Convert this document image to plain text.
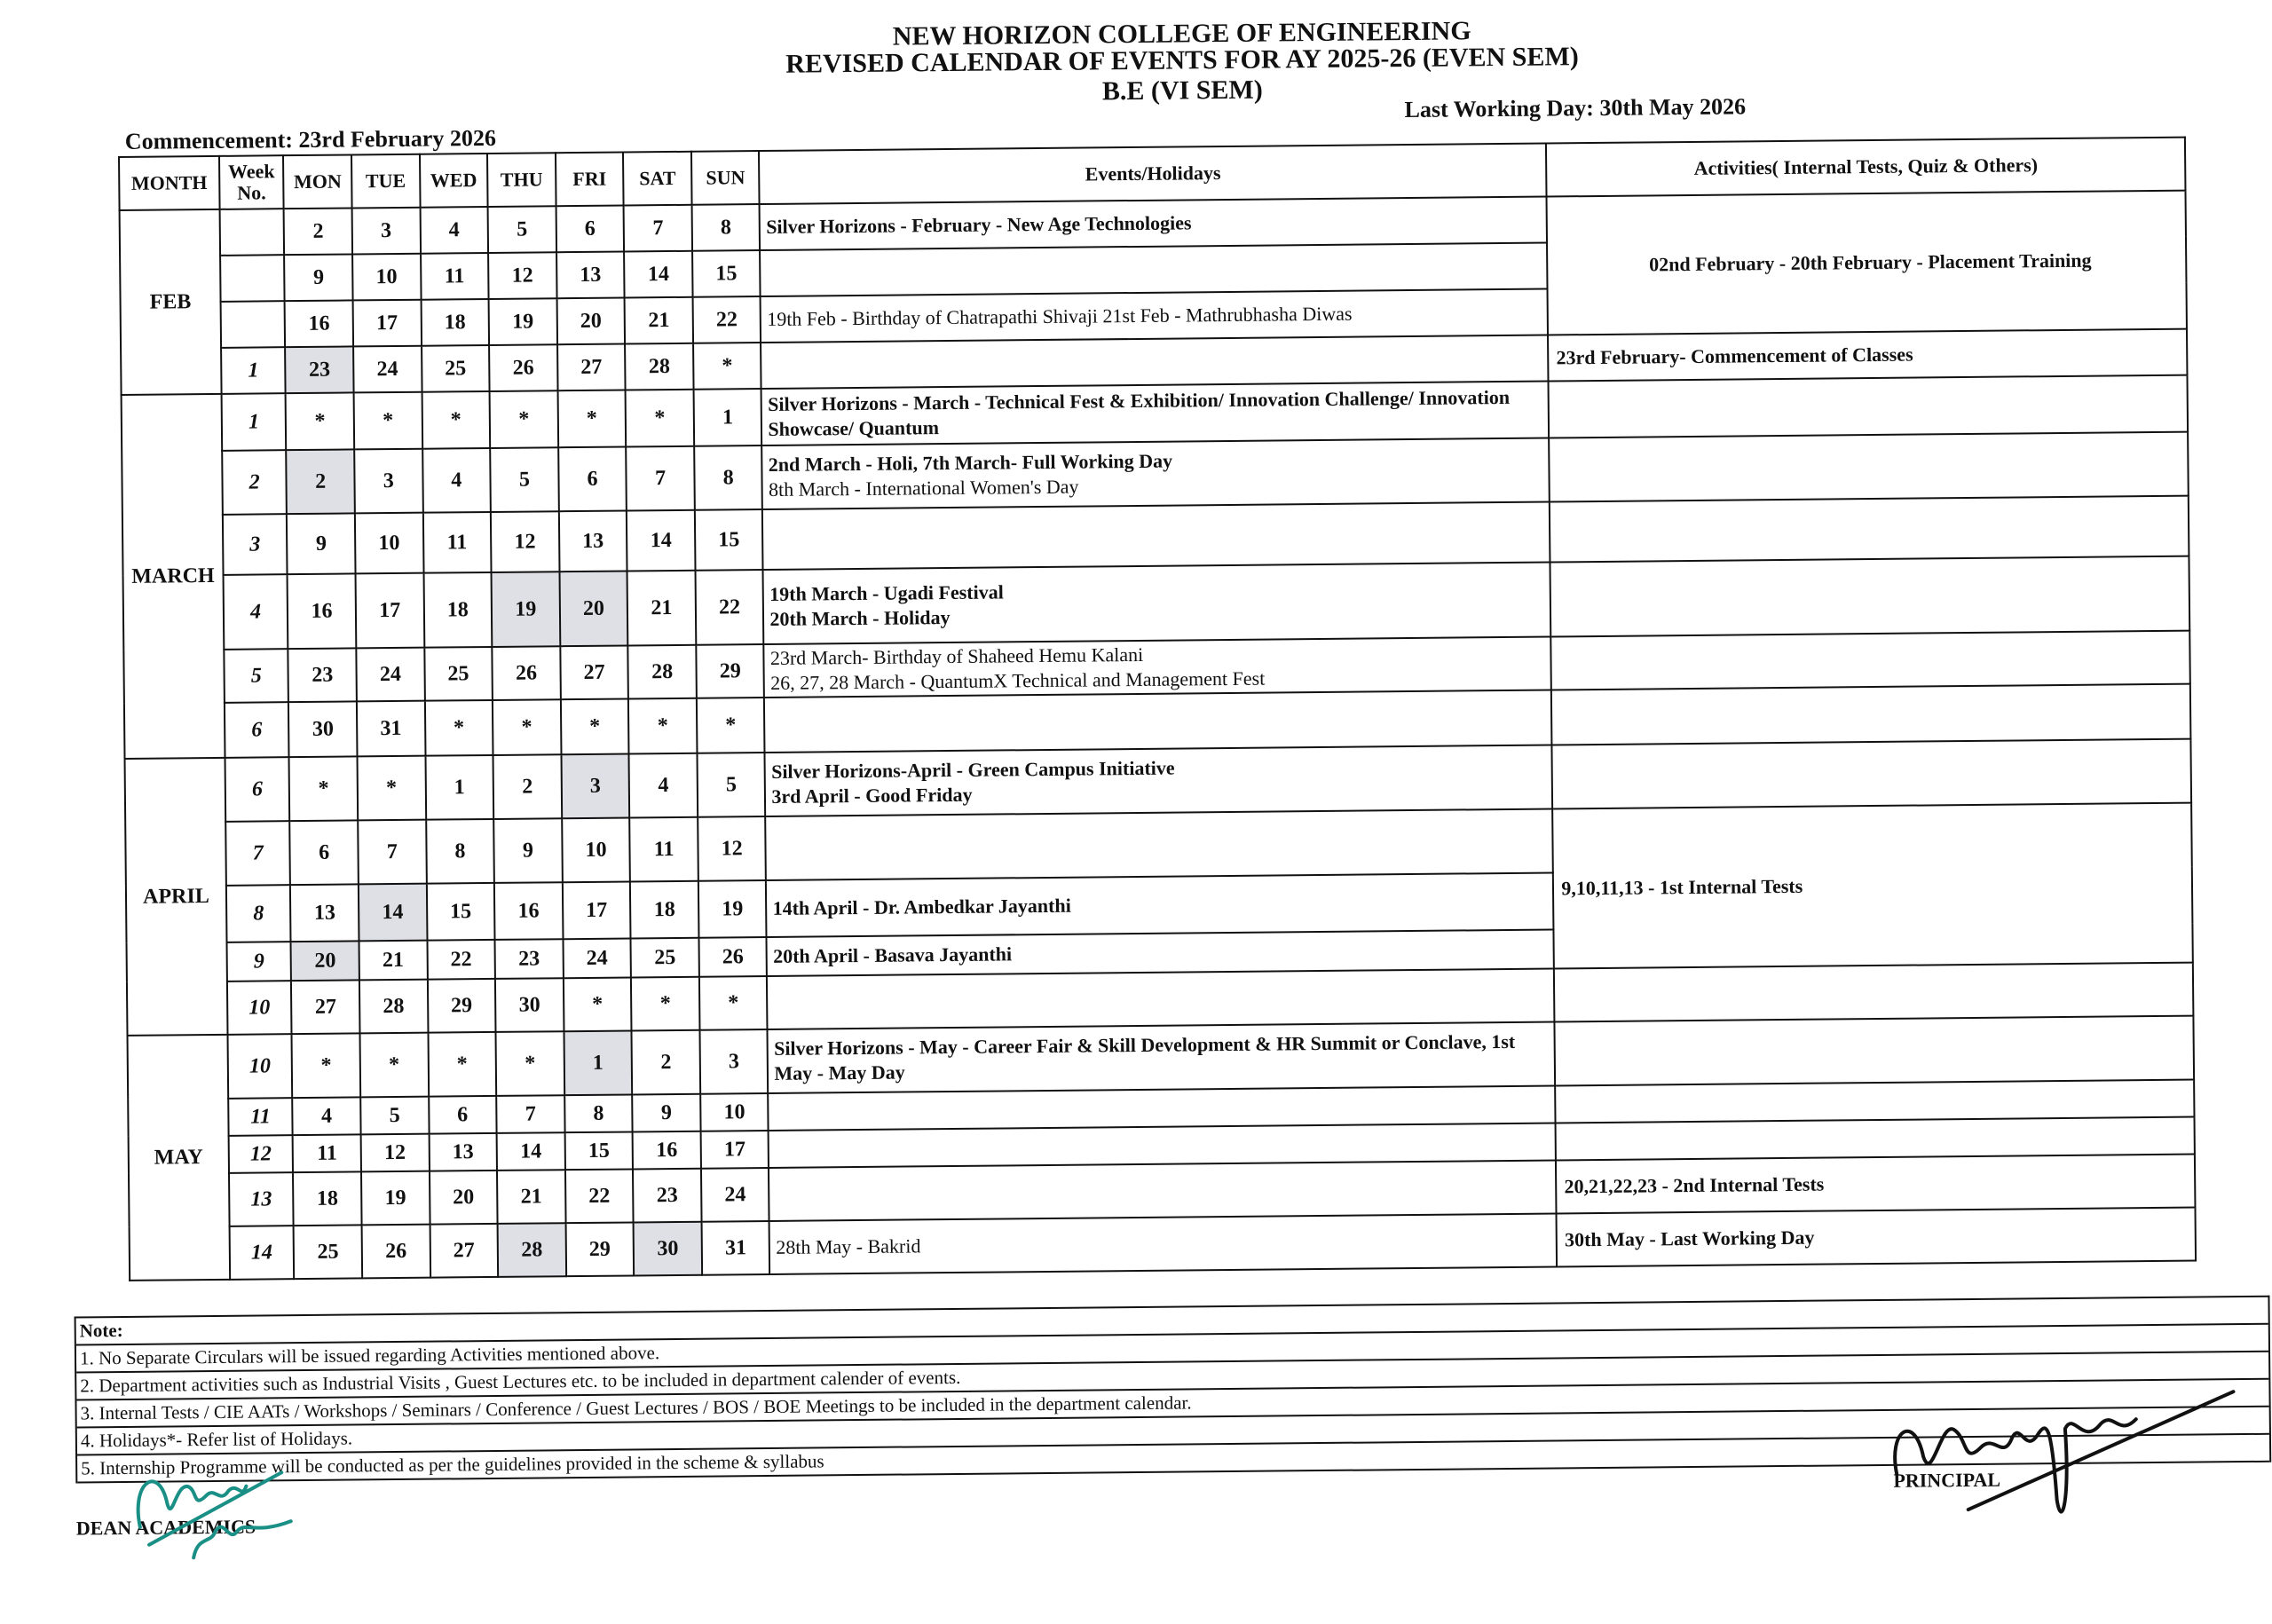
NEW HORIZON COLLEGE OF ENGINEERING
REVISED CALENDAR OF EVENTS FOR AY 2025-26 (EVEN SEM)
B.E (VI SEM)
Commencement: 23rd February 2026
Last Working Day: 30th May 2026
MONTH	Week No.	MON	TUE	WED	THU	FRI	SAT	SUN	Events/Holidays	Activities( Internal Tests, Quiz & Others)
FEB		2	3	4	5	6	7	8	Silver Horizons - February - New Age Technologies	02nd February - 20th February - Placement Training
		9	10	11	12	13	14	15		
		16	17	18	19	20	21	22	19th Feb - Birthday of Chatrapathi Shivaji 21st Feb - Mathrubhasha Diwas	

	1	23	24	25	26	27	28	*		23rd February- Commencement of Classes
MARCH	1	*	*	*	*	*	*	1	Silver Horizons - March - Technical Fest & Exhibition/ Innovation Challenge/ Innovation Showcase/ Quantum	

	2	2	3	4	5	6	7	8	2nd March - Holi, 7th March- Full Working Day
8th March - International Women's Day	

	3	9	10	11	12	13	14	15		
	4	16	17	18	19	20	21	22	19th March - Ugadi Festival
20th March - Holiday	

	5	23	24	25	26	27	28	29	23rd March- Birthday of Shaheed Hemu Kalani
26, 27, 28 March - QuantumX Technical and Management Fest	

	6	30	31	*	*	*	*	*		
APRIL	6	*	*	1	2	3	4	5	Silver Horizons-April - Green Campus Initiative
3rd April - Good Friday	

	7	6	7	8	9	10	11	12		9,10,11,13 - 1st Internal Tests
	8	13	14	15	16	17	18	19	14th April - Dr. Ambedkar Jayanthi	

	9	20	21	22	23	24	25	26	20th April - Basava Jayanthi	

	10	27	28	29	30	*	*	*		
MAY	10	*	*	*	*	1	2	3	Silver Horizons - May - Career Fair & Skill Development & HR Summit or Conclave, 1st May - May Day	

	11	4	5	6	7	8	9	10		
	12	11	12	13	14	15	16	17		
	13	18	19	20	21	22	23	24		20,21,22,23 - 2nd Internal Tests
	14	25	26	27	28	29	30	31	28th May - Bakrid	30th May - Last Working Day
Note:
1. No Separate Circulars will be issued regarding Activities mentioned above.
2. Department activities such as Industrial Visits , Guest Lectures etc. to be included in department calender of events.
3. Internal Tests / CIE AATs / Workshops / Seminars / Conference / Guest Lectures / BOS / BOE Meetings to be included in the department calendar.
4. Holidays*- Refer list of Holidays.
5. Internship Programme will be conducted as per the guidelines provided in the scheme & syllabus
DEAN ACADEMICS
PRINCIPAL
